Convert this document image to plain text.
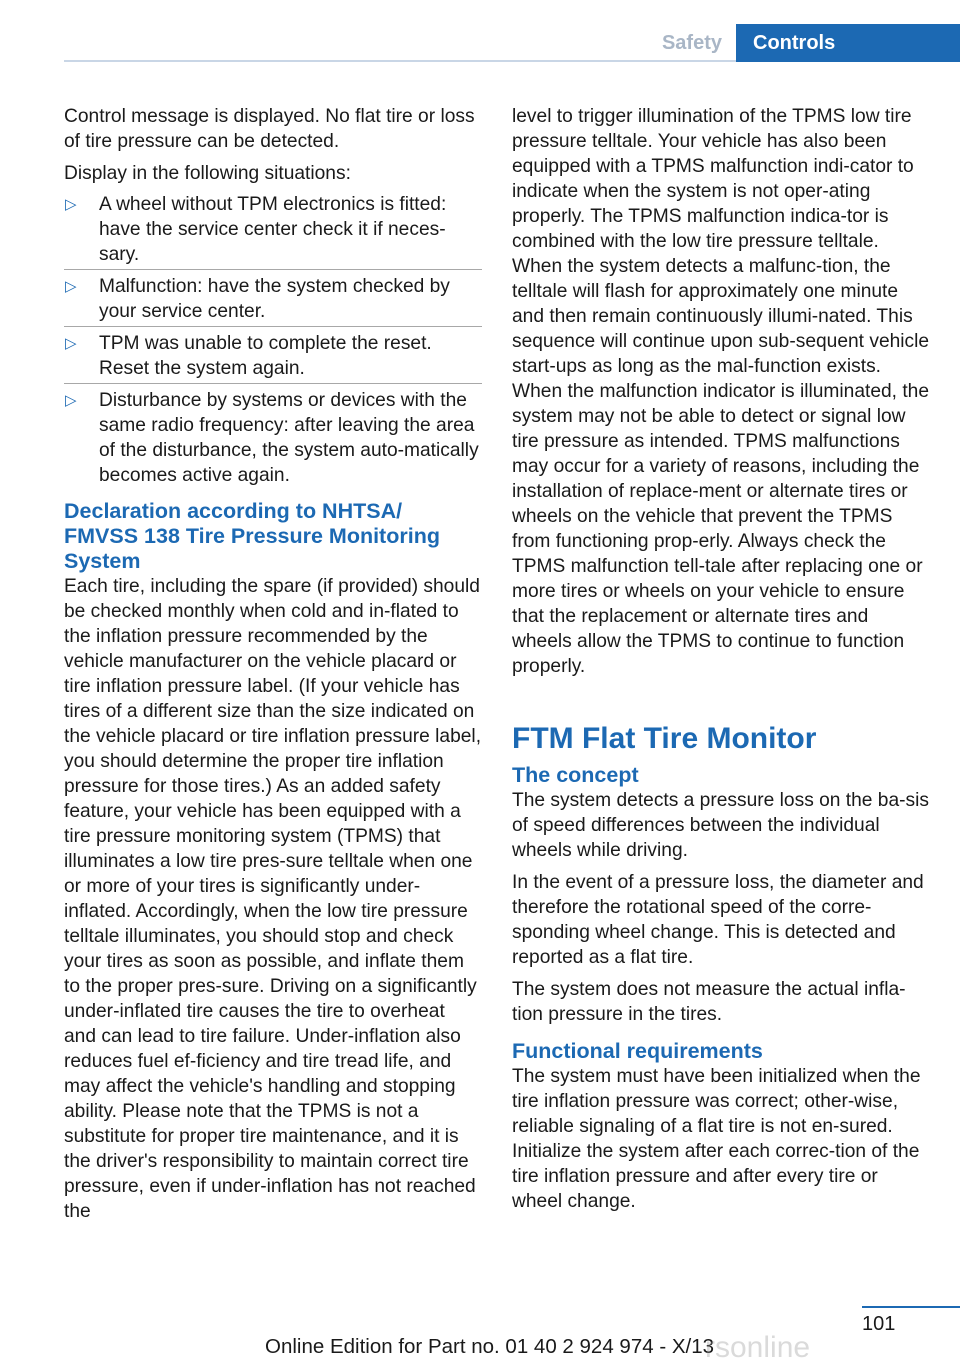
Safety	Controls

Control message is displayed. No flat tire or loss of tire pressure can be detected.

Display in the following situations:

▷ A wheel without TPM electronics is fitted: have the service center check it if neces-sary.
▷ Malfunction: have the system checked by your service center.
▷ TPM was unable to complete the reset. Reset the system again.
▷ Disturbance by systems or devices with the same radio frequency: after leaving the area of the disturbance, the system auto-matically becomes active again.
Declaration according to NHTSA/ FMVSS 138 Tire Pressure Monitoring System

Each tire, including the spare (if provided) should be checked monthly when cold and in-flated to the inflation pressure recommended by the vehicle manufacturer on the vehicle placard or tire inflation pressure label. (If your vehicle has tires of a different size than the size indicated on the vehicle placard or tire inflation pressure label, you should determine the proper tire inflation pressure for those tires.) As an added safety feature, your vehicle has been equipped with a tire pressure monitoring system (TPMS) that illuminates a low tire pres-sure telltale when one or more of your tires is significantly under-inflated. Accordingly, when the low tire pressure telltale illuminates, you should stop and check your tires as soon as possible, and inflate them to the proper pres-sure. Driving on a significantly under-inflated tire causes the tire to overheat and can lead to tire failure. Under-inflation also reduces fuel ef-ficiency and tire tread life, and may affect the vehicle's handling and stopping ability. Please note that the TPMS is not a substitute for proper tire maintenance, and it is the driver's responsibility to maintain correct tire pressure, even if under-inflation has not reached the

level to trigger illumination of the TPMS low tire pressure telltale. Your vehicle has also been equipped with a TPMS malfunction indi-cator to indicate when the system is not oper-ating properly. The TPMS malfunction indica-tor is combined with the low tire pressure telltale. When the system detects a malfunc-tion, the telltale will flash for approximately one minute and then remain continuously illumi-nated. This sequence will continue upon sub-sequent vehicle start-ups as long as the mal-function exists. When the malfunction indicator is illuminated, the system may not be able to detect or signal low tire pressure as intended. TPMS malfunctions may occur for a variety of reasons, including the installation of replace-ment or alternate tires or wheels on the vehicle that prevent the TPMS from functioning prop-erly. Always check the TPMS malfunction tell-tale after replacing one or more tires or wheels on your vehicle to ensure that the replacement or alternate tires and wheels allow the TPMS to continue to function properly.

FTM Flat Tire Monitor
The concept

The system detects a pressure loss on the ba-sis of speed differences between the individual wheels while driving.

In the event of a pressure loss, the diameter and therefore the rotational speed of the corre-sponding wheel change. This is detected and reported as a flat tire.

The system does not measure the actual infla-tion pressure in the tires.

Functional requirements

The system must have been initialized when the tire inflation pressure was correct; other-wise, reliable signaling of a flat tire is not en-sured. Initialize the system after each correc-tion of the tire inflation pressure and after every tire or wheel change.

101
Online Edition for Part no. 01 40 2 924 974 - X/13
rsonline
